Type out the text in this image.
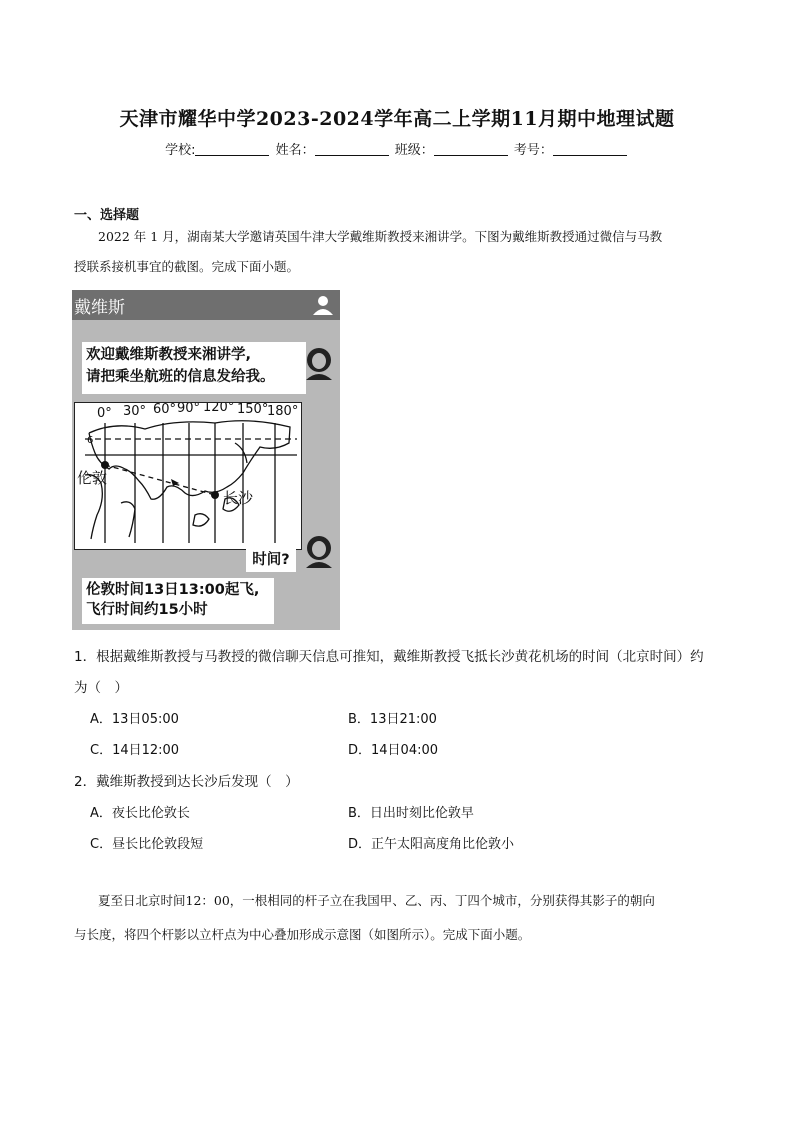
天津市耀华中学2023-2024学年高二上学期11月期中地理试题
学校:	姓名：	班级：	考号：
一、选择题
2022 年 1 月，湖南某大学邀请英国牛津大学戴维斯教授来湘讲学。下图为戴维斯教授通过微信与马教
授联系接机事宜的截图。完成下面小题。
戴维斯
欢迎戴维斯教授来湘讲学,
请把乘坐航班的信息发给我。
0° 30° 60° 90° 120° 150°
180°
6
伦敦
长沙
时间?
伦敦时间13日13:00起飞,
飞行时间约15小时
1．根据戴维斯教授与马教授的微信聊天信息可推知，戴维斯教授飞抵长沙黄花机场的时间（北京时间）约
为（　）
A．13日05:00	B．13日21:00
C．14日12:00	D．14日04:00
2．戴维斯教授到达长沙后发现（　）
A．夜长比伦敦长	B．日出时刻比伦敦早
C．昼长比伦敦段短	D．正午太阳高度角比伦敦小
夏至日北京时间12：00，一根相同的杆子立在我国甲、乙、丙、丁四个城市，分别获得其影子的朝向
与长度，将四个杆影以立杆点为中心叠加形成示意图（如图所示）。完成下面小题。
